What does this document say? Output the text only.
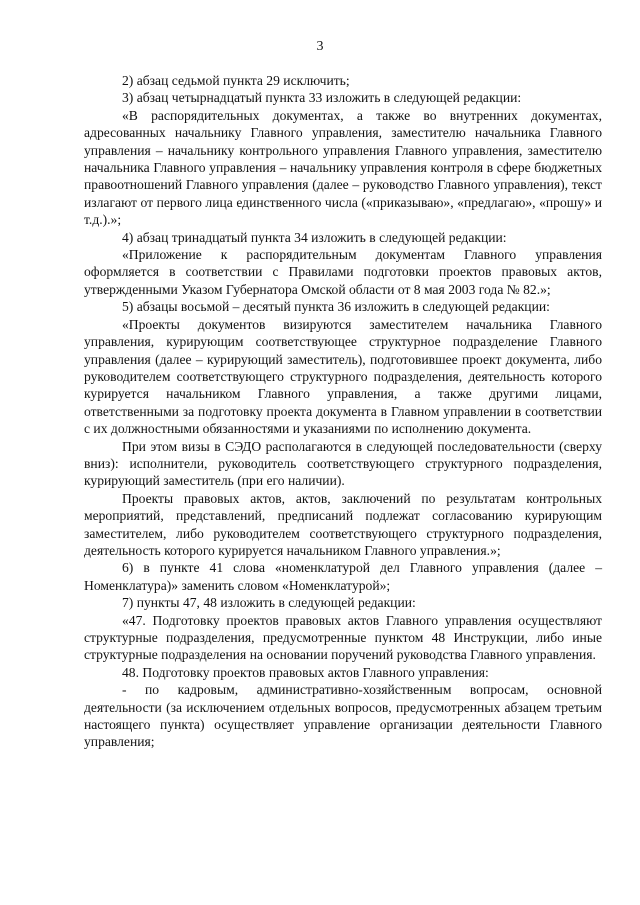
3

2) абзац седьмой пункта 29 исключить;

3) абзац четырнадцатый пункта 33 изложить в следующей редакции:

«В распорядительных документах, а также во внутренних документах, адресованных начальнику Главного управления, заместителю начальника Главного управления – начальнику контрольного управления Главного управления, заместителю начальника Главного управления – начальнику управления контроля в сфере бюджетных правоотношений Главного управления (далее – руководство Главного управления), текст излагают от первого лица единственного числа («приказываю», «предлагаю», «прошу» и т.д.).»;

4) абзац тринадцатый пункта 34 изложить в следующей редакции:

«Приложение к распорядительным документам Главного управления оформляется в соответствии с Правилами подготовки проектов правовых актов, утвержденными Указом Губернатора Омской области от 8 мая 2003 года № 82.»;

5) абзацы восьмой – десятый пункта 36 изложить в следующей редакции:

«Проекты документов визируются заместителем начальника Главного управления, курирующим соответствующее структурное подразделение Главного управления (далее – курирующий заместитель), подготовившее проект документа, либо руководителем соответствующего структурного подразделения, деятельность которого курируется начальником Главного управления, а также другими лицами, ответственными за подготовку проекта документа в Главном управлении в соответствии с их должностными обязанностями и указаниями по исполнению документа.

При этом визы в СЭДО располагаются в следующей последовательности (сверху вниз): исполнители, руководитель соответствующего структурного подразделения, курирующий заместитель (при его наличии).

Проекты правовых актов, актов, заключений по результатам контрольных мероприятий, представлений, предписаний подлежат согласованию курирующим заместителем, либо руководителем соответствующего структурного подразделения, деятельность которого курируется начальником Главного управления.»;

6) в пункте 41 слова «номенклатурой дел Главного управления (далее – Номенклатура)» заменить словом «Номенклатурой»;

7) пункты 47, 48 изложить в следующей редакции:

«47. Подготовку проектов правовых актов Главного управления осуществляют структурные подразделения, предусмотренные пунктом 48 Инструкции, либо иные структурные подразделения на основании поручений руководства Главного управления.

48. Подготовку проектов правовых актов Главного управления:

- по кадровым, административно-хозяйственным вопросам, основной деятельности (за исключением отдельных вопросов, предусмотренных абзацем третьим настоящего пункта) осуществляет управление организации деятельности Главного управления;
